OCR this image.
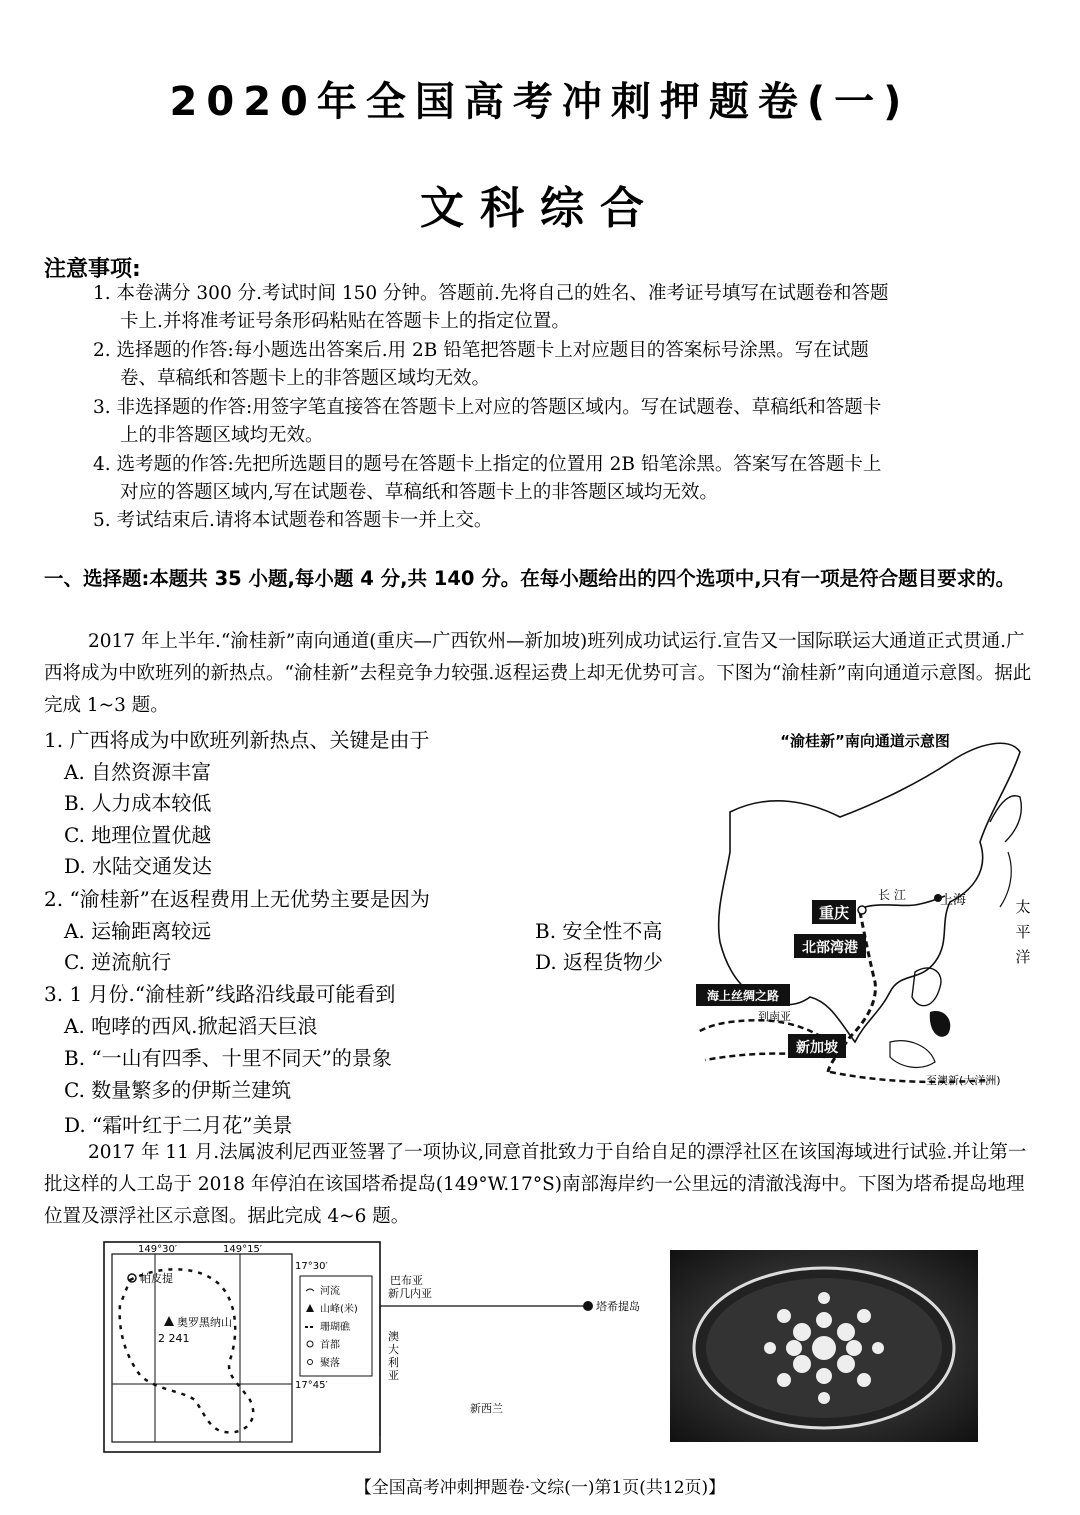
2020年全国高考冲刺押题卷(一)
文科综合
注意事项:
1. 本卷满分 300 分.考试时间 150 分钟。答题前.先将自己的姓名、准考证号填写在试题卷和答题
卡上.并将准考证号条形码粘贴在答题卡上的指定位置。
2. 选择题的作答:每小题选出答案后.用 2B 铅笔把答题卡上对应题目的答案标号涂黑。写在试题
卷、草稿纸和答题卡上的非答题区域均无效。
3. 非选择题的作答:用签字笔直接答在答题卡上对应的答题区域内。写在试题卷、草稿纸和答题卡
上的非答题区域均无效。
4. 选考题的作答:先把所选题目的题号在答题卡上指定的位置用 2B 铅笔涂黑。答案写在答题卡上
对应的答题区域内,写在试题卷、草稿纸和答题卡上的非答题区域均无效。
5. 考试结束后.请将本试题卷和答题卡一并上交。
一、选择题:本题共 35 小题,每小题 4 分,共 140 分。在每小题给出的四个选项中,只有一项是符合题目要求的。
2017 年上半年.“渝桂新”南向通道(重庆—广西钦州—新加坡)班列成功试运行.宣告又一国际联运大通道正式贯通.广西将成为中欧班列的新热点。“渝桂新”去程竞争力较强.返程运费上却无优势可言。下图为“渝桂新”南向通道示意图。据此完成 1~3 题。
1. 广西将成为中欧班列新热点、关键是由于
A. 自然资源丰富
B. 人力成本较低
C. 地理位置优越
D. 水陆交通发达
2. “渝桂新”在返程费用上无优势主要是因为
A. 运输距离较远	B. 安全性不高
C. 逆流航行	D. 返程货物少
3. 1 月份.“渝桂新”线路沿线最可能看到
A. 咆哮的西风.掀起滔天巨浪
B. “一山有四季、十里不同天”的景象
C. 数量繁多的伊斯兰建筑
D. “霜叶红于二月花”美景
“渝桂新”南向通道示意图
重庆
北部湾港
新加坡
长 江	上海	太平洋
海上丝绸之路
到南亚
至澳新(大洋洲)
2017 年 11 月.法属波利尼西亚签署了一项协议,同意首批致力于自给自足的漂浮社区在该国海域进行试验.并让第一批这样的人工岛于 2018 年停泊在该国塔希提岛(149°W.17°S)南部海岸约一公里远的清澈浅海中。下图为塔希提岛地理位置及漂浮社区示意图。据此完成 4~6 题。
149°30′	149°15′
17°30′
17°45′
帕皮提
奥罗黑纳山
2 241
河流
山峰(米)
珊瑚礁
首都
聚落
塔希提岛
巴布亚新几内亚
澳大利亚
新西兰
【全国高考冲刺押题卷·文综(一)第1页(共12页)】
